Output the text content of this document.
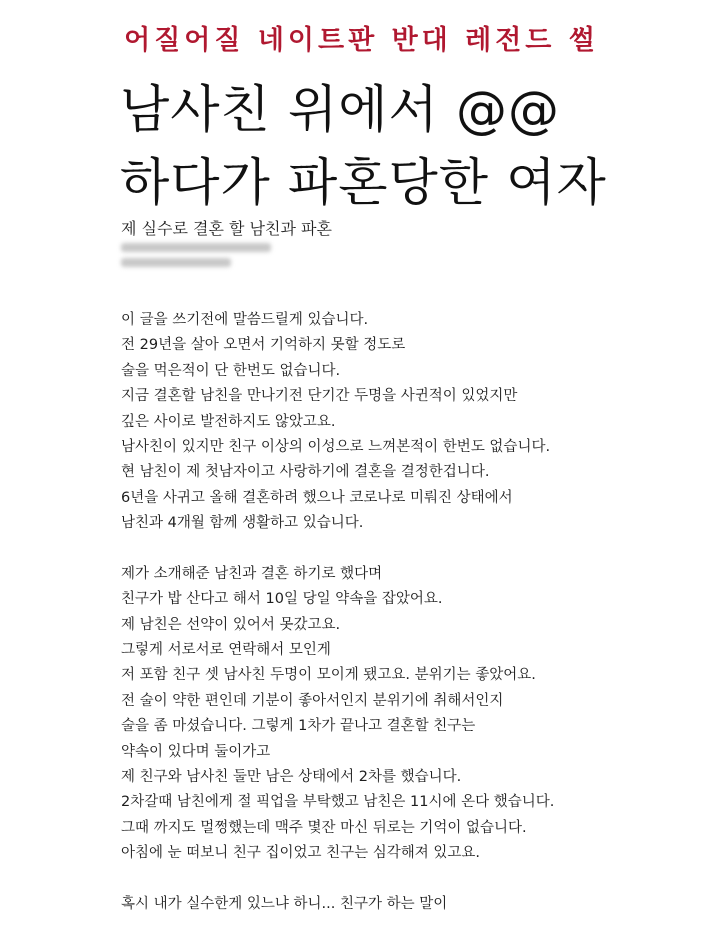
어질어질 네이트판 반대 레전드 썰
남사친 위에서 @@
하다가 파혼당한 여자
제 실수로 결혼 할 남친과 파혼

이 글을 쓰기전에 말씀드릴게 있습니다.

전 29년을 살아 오면서 기억하지 못할 정도로

술을 먹은적이 단 한번도 없습니다.

지금 결혼할 남친을 만나기전 단기간 두명을 사귄적이 있었지만

깊은 사이로 발전하지도 않았고요.

남사친이 있지만 친구 이상의 이성으로 느껴본적이 한번도 없습니다.

현 남친이 제 첫남자이고 사랑하기에 결혼을 결정한겁니다.

6년을 사귀고 올해 결혼하려 했으나 코로나로 미뤄진 상태에서

남친과 4개월 함께 생활하고 있습니다.

제가 소개해준 남친과 결혼 하기로 했다며

친구가 밥 산다고 해서 10일 당일 약속을 잡았어요.

제 남친은 선약이 있어서 못갔고요.

그렇게 서로서로 연락해서 모인게

저 포함 친구 셋 남사친 두명이 모이게 됐고요. 분위기는 좋았어요.

전 술이 약한 편인데 기분이 좋아서인지 분위기에 취해서인지

술을 좀 마셨습니다. 그렇게 1차가 끝나고 결혼할 친구는

약속이 있다며 둘이가고

제 친구와 남사친 둘만 남은 상태에서 2차를 했습니다.

2차갈때 남친에게 절 픽업을 부탁했고 남친은 11시에 온다 했습니다.

그때 까지도 멀쩡했는데 맥주 몇잔 마신 뒤로는 기억이 없습니다.

아침에 눈 떠보니 친구 집이었고 친구는 심각해져 있고요.

혹시 내가 실수한게 있느냐 하니... 친구가 하는 말이
